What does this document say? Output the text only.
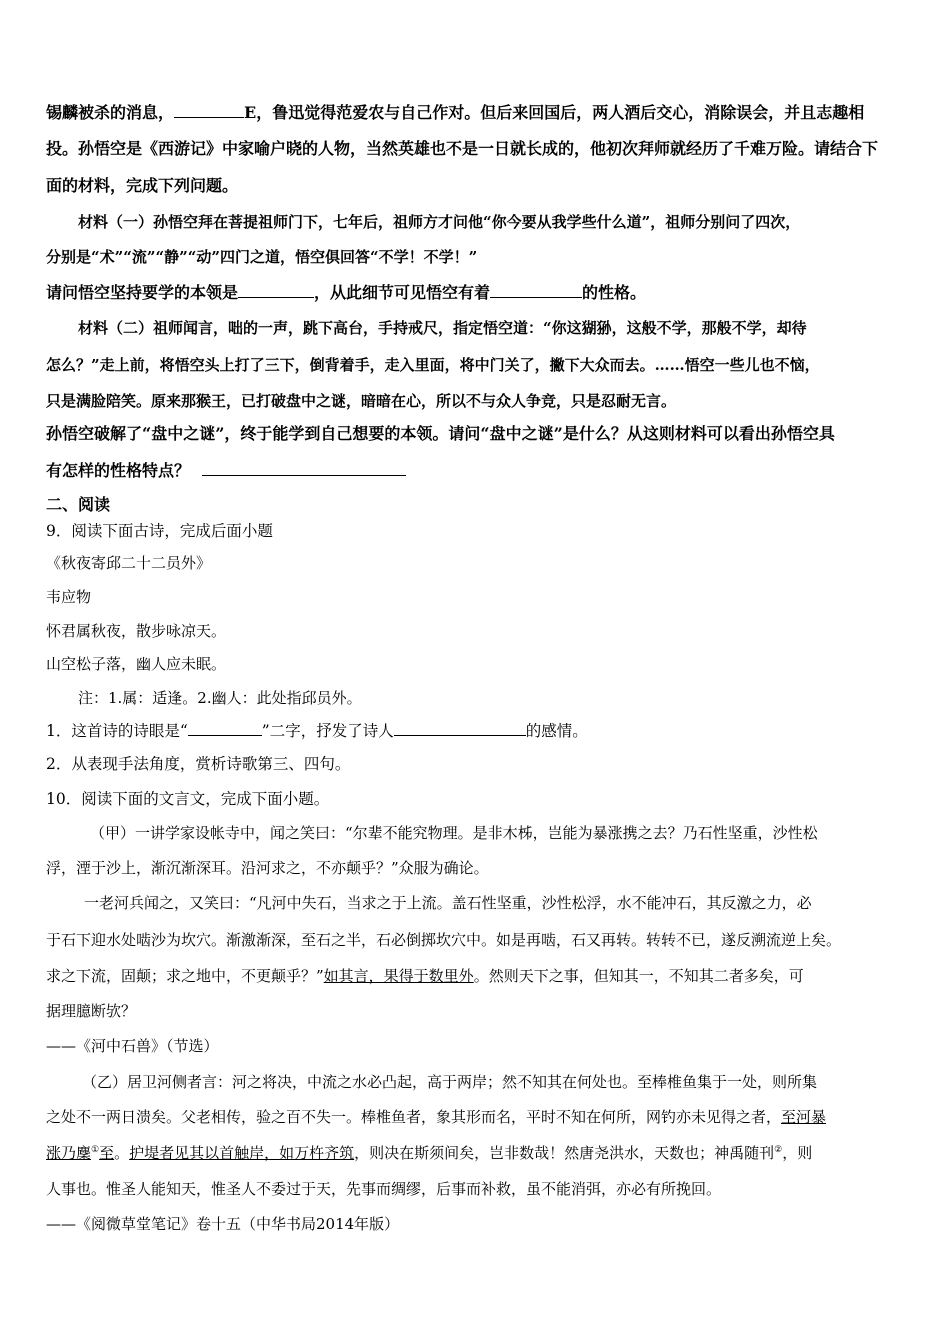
锡麟被杀的消息，	E，鲁迅觉得范爱农与自己作对。但后来回国后，两人酒后交心，消除误会，并且志趣相
投。孙悟空是《西游记》中家喻户晓的人物，当然英雄也不是一日就长成的，他初次拜师就经历了千难万险。请结合下
面的材料，完成下列问题。
材料（一）孙悟空拜在菩提祖师门下，七年后，祖师方才问他“你今要从我学些什么道”，祖师分别问了四次，
分别是“术”“流”“静”“动”四门之道，悟空俱回答“不学！不学！”
请问悟空坚持要学的本领是	，从此细节可见悟空有着	的性格。
材料（二）祖师闻言，咄的一声，跳下高台，手持戒尺，指定悟空道：“你这猢狲，这般不学，那般不学，却待
怎么？”走上前，将悟空头上打了三下，倒背着手，走入里面，将中门关了，撇下大众而去。……悟空一些儿也不恼，
只是满脸陪笑。原来那猴王，已打破盘中之谜，暗暗在心，所以不与众人争竞，只是忍耐无言。
孙悟空破解了“盘中之谜”，终于能学到自己想要的本领。请问“盘中之谜”是什么？从这则材料可以看出孙悟空具
有怎样的性格特点？
二、阅读
9．阅读下面古诗，完成后面小题
《秋夜寄邱二十二员外》
韦应物
怀君属秋夜，散步咏凉天。
山空松子落，幽人应未眠。
注：1.属：适逢。2.幽人：此处指邱员外。
1．这首诗的诗眼是“	”二字，抒发了诗人	的感情。
2．从表现手法角度，赏析诗歌第三、四句。
10．阅读下面的文言文，完成下面小题。
（甲）一讲学家设帐寺中，闻之笑曰：“尔辈不能究物理。是非木柹，岂能为暴涨携之去？乃石性坚重，沙性松
浮，湮于沙上，渐沉渐深耳。沿河求之，不亦颠乎？”众服为确论。
一老河兵闻之，又笑曰：“凡河中失石，当求之于上流。盖石性坚重，沙性松浮，水不能冲石，其反激之力，必
于石下迎水处啮沙为坎穴。渐激渐深，至石之半，石必倒掷坎穴中。如是再啮，石又再转。转转不已，遂反溯流逆上矣。
求之下流，固颠；求之地中，不更颠乎？”如其言，果得于数里外。然则天下之事，但知其一，不知其二者多矣，可
据理臆断欤？
——《河中石兽》（节选）
（乙）居卫河侧者言：河之将决，中流之水必凸起，高于两岸；然不知其在何处也。至棒椎鱼集于一处，则所集
之处不一两日溃矣。父老相传，验之百不失一。棒椎鱼者，象其形而名，平时不知在何所，网钓亦未见得之者，至河暴
涨乃麇①至。护堤者见其以首触岸，如万杵齐筑，则决在斯须间矣，岂非数哉！然唐尧洪水，天数也；神禹随刊②，则
人事也。惟圣人能知天，惟圣人不委过于天，先事而绸缪，后事而补救，虽不能消弭，亦必有所挽回。
——《阅微草堂笔记》卷十五（中华书局2014年版）
